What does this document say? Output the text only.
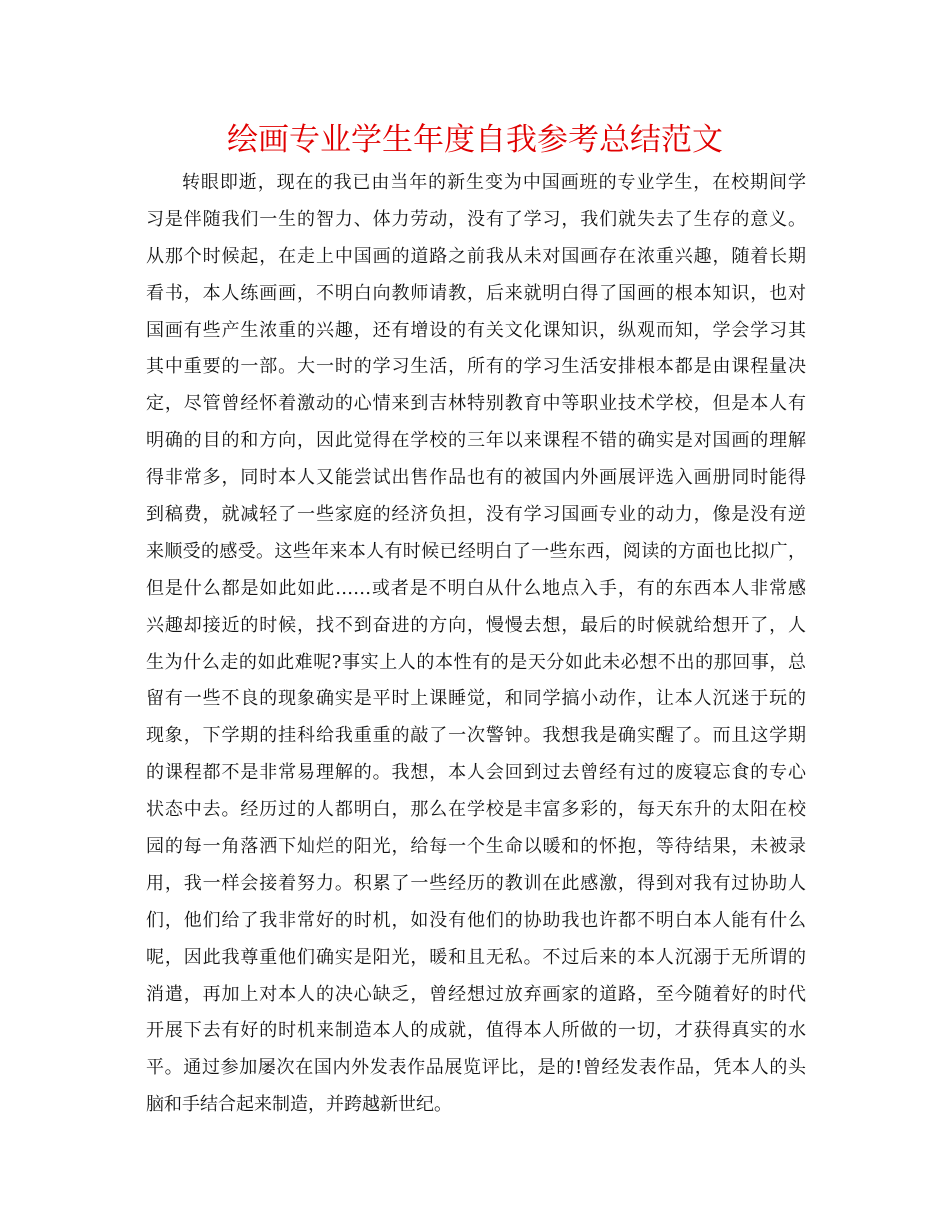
绘画专业学生年度自我参考总结范文
转眼即逝，现在的我已由当年的新生变为中国画班的专业学生，在校期间学
习是伴随我们一生的智力、体力劳动，没有了学习，我们就失去了生存的意义。
从那个时候起，在走上中国画的道路之前我从未对国画存在浓重兴趣，随着长期
看书，本人练画画，不明白向教师请教，后来就明白得了国画的根本知识，也对
国画有些产生浓重的兴趣，还有增设的有关文化课知识，纵观而知，学会学习其
其中重要的一部。大一时的学习生活，所有的学习生活安排根本都是由课程量决
定，尽管曾经怀着激动的心情来到吉林特别教育中等职业技术学校，但是本人有
明确的目的和方向，因此觉得在学校的三年以来课程不错的确实是对国画的理解
得非常多，同时本人又能尝试出售作品也有的被国内外画展评选入画册同时能得
到稿费，就减轻了一些家庭的经济负担，没有学习国画专业的动力，像是没有逆
来顺受的感受。这些年来本人有时候已经明白了一些东西，阅读的方面也比拟广，
但是什么都是如此如此……或者是不明白从什么地点入手，有的东西本人非常感
兴趣却接近的时候，找不到奋进的方向，慢慢去想，最后的时候就给想开了，人
生为什么走的如此难呢?事实上人的本性有的是天分如此未必想不出的那回事，总
留有一些不良的现象确实是平时上课睡觉，和同学搞小动作，让本人沉迷于玩的
现象，下学期的挂科给我重重的敲了一次警钟。我想我是确实醒了。而且这学期
的课程都不是非常易理解的。我想，本人会回到过去曾经有过的废寝忘食的专心
状态中去。经历过的人都明白，那么在学校是丰富多彩的，每天东升的太阳在校
园的每一角落洒下灿烂的阳光，给每一个生命以暖和的怀抱，等待结果，未被录
用，我一样会接着努力。积累了一些经历的教训在此感激，得到对我有过协助人
们，他们给了我非常好的时机，如没有他们的协助我也许都不明白本人能有什么
呢，因此我尊重他们确实是阳光，暖和且无私。不过后来的本人沉溺于无所谓的
消遣，再加上对本人的决心缺乏，曾经想过放弃画家的道路，至今随着好的时代
开展下去有好的时机来制造本人的成就，值得本人所做的一切，才获得真实的水
平。通过参加屡次在国内外发表作品展览评比，是的!曾经发表作品，凭本人的头
脑和手结合起来制造，并跨越新世纪。
